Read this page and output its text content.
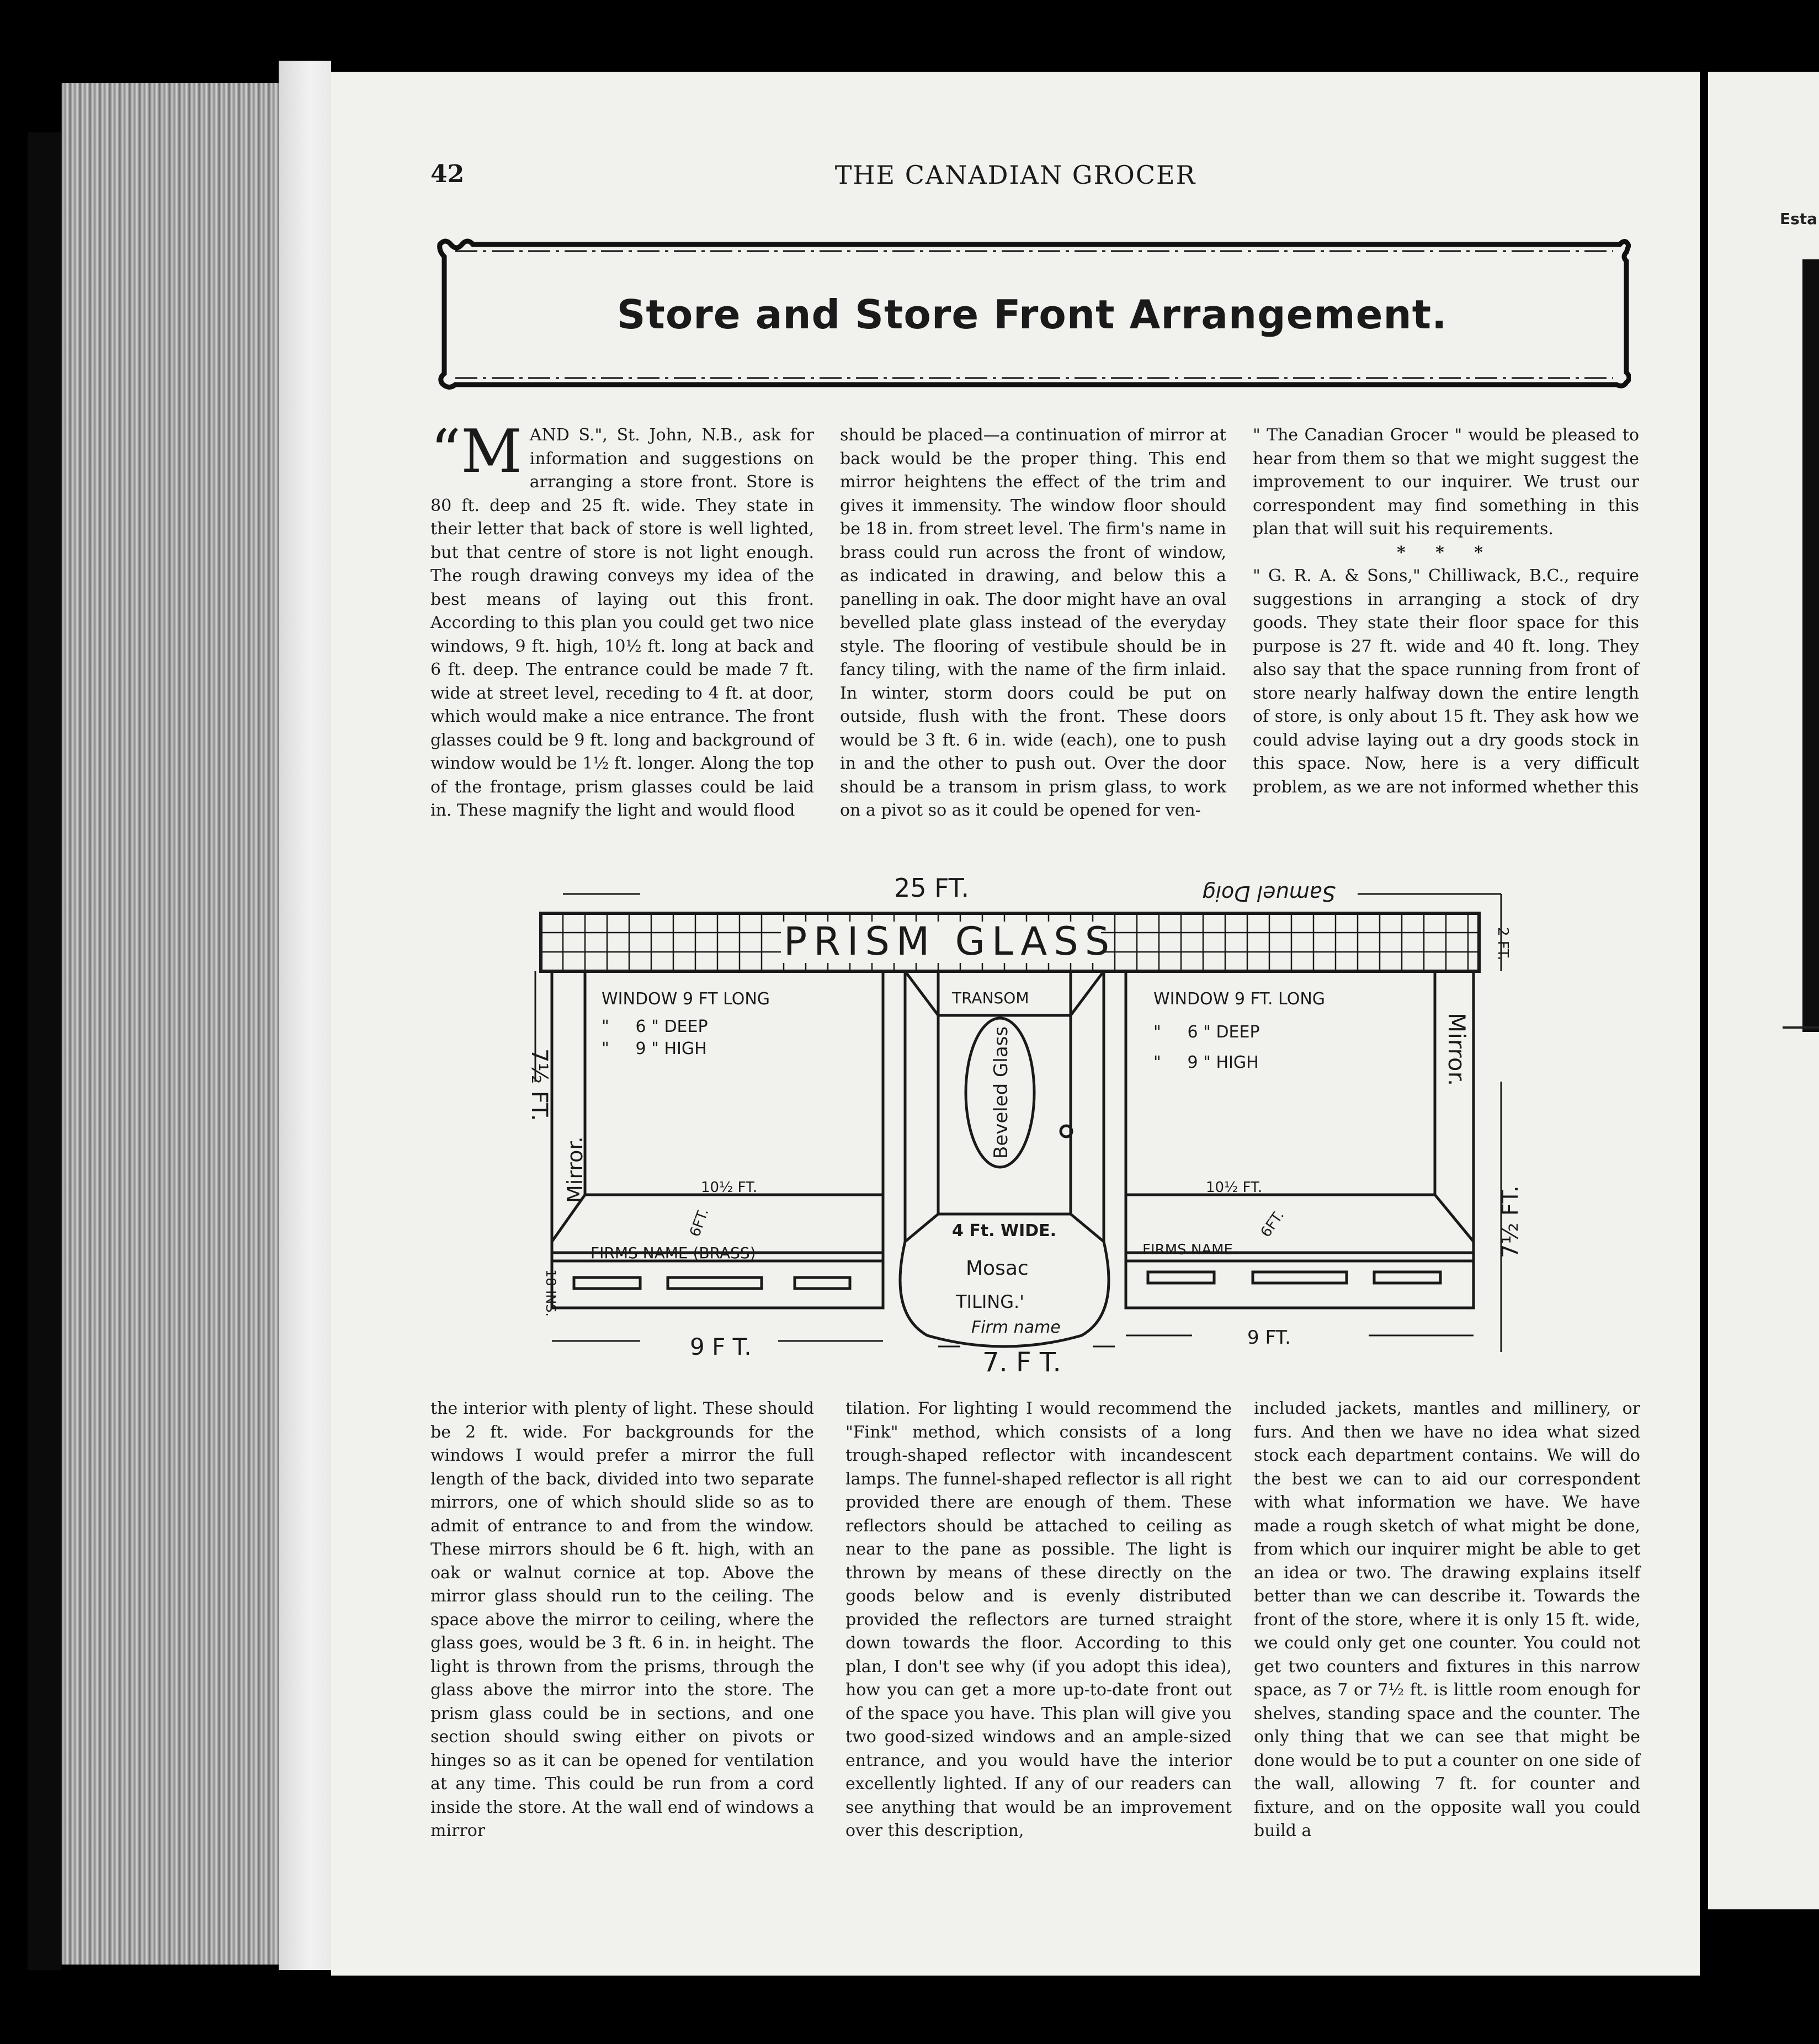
Esta
42	THE CANADIAN GROCER
Store and Store Front Arrangement.

“MAND S.", St. John, N.B., ask for information and suggestions on arranging a store front. Store is 80 ft. deep and 25 ft. wide. They state in their letter that back of store is well lighted, but that centre of store is not light enough. The rough drawing conveys my idea of the best means of laying out this front. According to this plan you could get two nice windows, 9 ft. high, 10½ ft. long at back and 6 ft. deep. The entrance could be made 7 ft. wide at street level, receding to 4 ft. at door, which would make a nice entrance. The front glasses could be 9 ft. long and background of window would be 1½ ft. longer. Along the top of the frontage, prism glasses could be laid in. These magnify the light and would flood

should be placed—a continuation of mirror at back would be the proper thing. This end mirror heightens the effect of the trim and gives it immensity. The window floor should be 18 in. from street level. The firm's name in brass could run across the front of window, as indicated in drawing, and below this a panelling in oak. The door might have an oval bevelled plate glass instead of the everyday style. The flooring of vestibule should be in fancy tiling, with the name of the firm inlaid. In winter, storm doors could be put on outside, flush with the front. These doors would be 3 ft. 6 in. wide (each), one to push in and the other to push out. Over the door should be a transom in prism glass, to work on a pivot so as it could be opened for ven-

" The Canadian Grocer " would be pleased to hear from them so that we might suggest the improvement to our inquirer. We trust our correspondent may find something in this plan that will suit his requirements.

* * *

" G. R. A. & Sons," Chilliwack, B.C., require suggestions in arranging a stock of dry goods. They state their floor space for this purpose is 27 ft. wide and 40 ft. long. They also say that the space running from front of store nearly halfway down the entire length of store, is only about 15 ft. They ask how we could advise laying out a dry goods stock in this space. Now, here is a very difficult problem, as we are not informed whether this

25 FT.	Samuel Doig
PRISM GLASS	2 FT.
7½ FT.
7½ FT.
WINDOW 9 FT LONG
"     6 " DEEP
"     9 " HIGH
WINDOW 9 FT. LONG
"     6 " DEEP
"     9 " HIGH
TRANSOM
Beveled Glass
Mirror.
Mirror.
10½ FT.	10½ FT.
6FT.	6FT.
4 Ft. WIDE.
FIRMS NAME (BRASS)	FIRMS NAME.
Mosac
TILING.'
Firm name
18 INS.
9 F T.	9 FT.
7. F T.

the interior with plenty of light. These should be 2 ft. wide. For backgrounds for the windows I would prefer a mirror the full length of the back, divided into two separate mirrors, one of which should slide so as to admit of entrance to and from the window. These mirrors should be 6 ft. high, with an oak or walnut cornice at top. Above the mirror glass should run to the ceiling. The space above the mirror to ceiling, where the glass goes, would be 3 ft. 6 in. in height. The light is thrown from the prisms, through the glass above the mirror into the store. The prism glass could be in sections, and one section should swing either on pivots or hinges so as it can be opened for ventilation at any time. This could be run from a cord inside the store. At the wall end of windows a mirror

tilation. For lighting I would recommend the "Fink" method, which consists of a long trough-shaped reflector with incandescent lamps. The funnel-shaped reflector is all right provided there are enough of them. These reflectors should be attached to ceiling as near to the pane as possible. The light is thrown by means of these directly on the goods below and is evenly distributed provided the reflectors are turned straight down towards the floor. According to this plan, I don't see why (if you adopt this idea), how you can get a more up-to-date front out of the space you have. This plan will give you two good-sized windows and an ample-sized entrance, and you would have the interior excellently lighted. If any of our readers can see anything that would be an improvement over this description,

included jackets, mantles and millinery, or furs. And then we have no idea what sized stock each department contains. We will do the best we can to aid our correspondent with what information we have. We have made a rough sketch of what might be done, from which our inquirer might be able to get an idea or two. The drawing explains itself better than we can describe it. Towards the front of the store, where it is only 15 ft. wide, we could only get one counter. You could not get two counters and fixtures in this narrow space, as 7 or 7½ ft. is little room enough for shelves, standing space and the counter. The only thing that we can see that might be done would be to put a counter on one side of the wall, allowing 7 ft. for counter and fixture, and on the opposite wall you could build a
